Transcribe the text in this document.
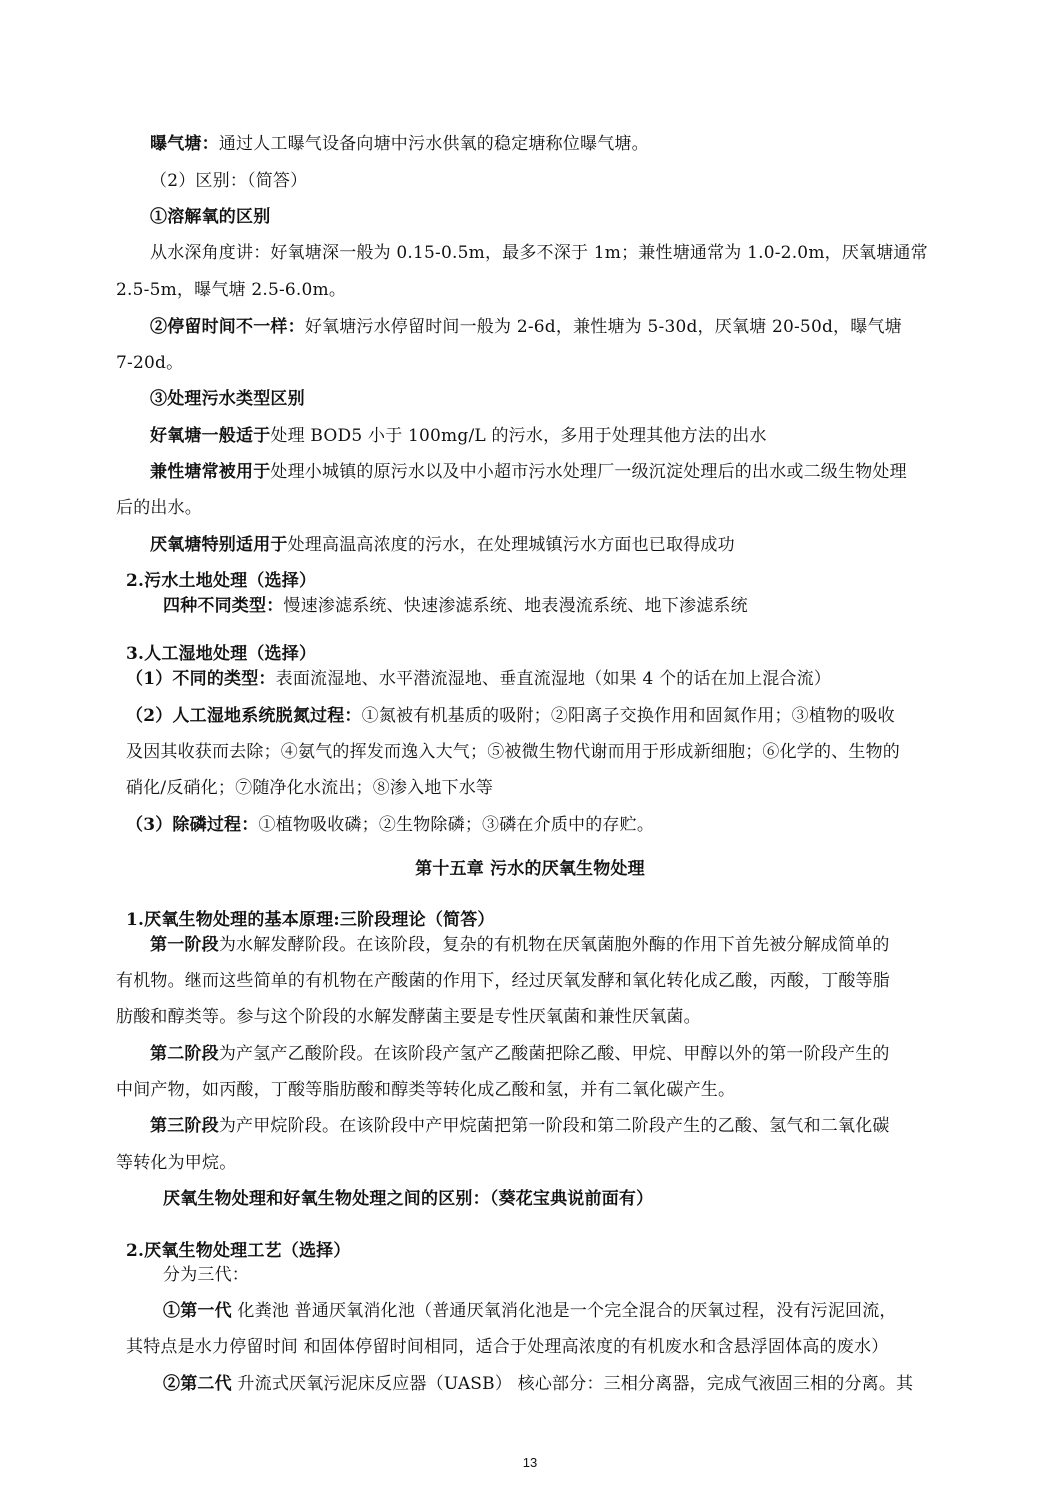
曝气塘：通过人工曝气设备向塘中污水供氧的稳定塘称位曝气塘。
（2）区别：（简答）
①溶解氧的区别
从水深角度讲：好氧塘深一般为 0.15-0.5m，最多不深于 1m；兼性塘通常为 1.0-2.0m，厌氧塘通常
2.5-5m，曝气塘 2.5-6.0m。
②停留时间不一样：好氧塘污水停留时间一般为 2-6d，兼性塘为 5-30d，厌氧塘 20-50d，曝气塘
7-20d。
③处理污水类型区别
好氧塘一般适于处理 BOD5 小于 100mg/L 的污水，多用于处理其他方法的出水
兼性塘常被用于处理小城镇的原污水以及中小超市污水处理厂一级沉淀处理后的出水或二级生物处理
后的出水。
厌氧塘特别适用于处理高温高浓度的污水，在处理城镇污水方面也已取得成功
2.污水土地处理（选择）
四种不同类型：慢速渗滤系统、快速渗滤系统、地表漫流系统、地下渗滤系统
3.人工湿地处理（选择）
（1）不同的类型：表面流湿地、水平潜流湿地、垂直流湿地（如果 4 个的话在加上混合流）
（2）人工湿地系统脱氮过程：①氮被有机基质的吸附；②阳离子交换作用和固氮作用；③植物的吸收
及因其收获而去除；④氨气的挥发而逸入大气；⑤被微生物代谢而用于形成新细胞；⑥化学的、生物的
硝化/反硝化；⑦随净化水流出；⑧渗入地下水等
（3）除磷过程：①植物吸收磷；②生物除磷；③磷在介质中的存贮。
第十五章 污水的厌氧生物处理
1.厌氧生物处理的基本原理:三阶段理论（简答）
第一阶段为水解发酵阶段。在该阶段，复杂的有机物在厌氧菌胞外酶的作用下首先被分解成简单的
有机物。继而这些简单的有机物在产酸菌的作用下，经过厌氧发酵和氧化转化成乙酸，丙酸，丁酸等脂
肪酸和醇类等。参与这个阶段的水解发酵菌主要是专性厌氧菌和兼性厌氧菌。
第二阶段为产氢产乙酸阶段。在该阶段产氢产乙酸菌把除乙酸、甲烷、甲醇以外的第一阶段产生的
中间产物，如丙酸，丁酸等脂肪酸和醇类等转化成乙酸和氢，并有二氧化碳产生。
第三阶段为产甲烷阶段。在该阶段中产甲烷菌把第一阶段和第二阶段产生的乙酸、氢气和二氧化碳
等转化为甲烷。
厌氧生物处理和好氧生物处理之间的区别：（葵花宝典说前面有）
2.厌氧生物处理工艺（选择）
分为三代：
①第一代 化粪池 普通厌氧消化池（普通厌氧消化池是一个完全混合的厌氧过程，没有污泥回流，
其特点是水力停留时间 和固体停留时间相同，适合于处理高浓度的有机废水和含悬浮固体高的废水）
②第二代 升流式厌氧污泥床反应器（UASB） 核心部分：三相分离器，完成气液固三相的分离。其
13
